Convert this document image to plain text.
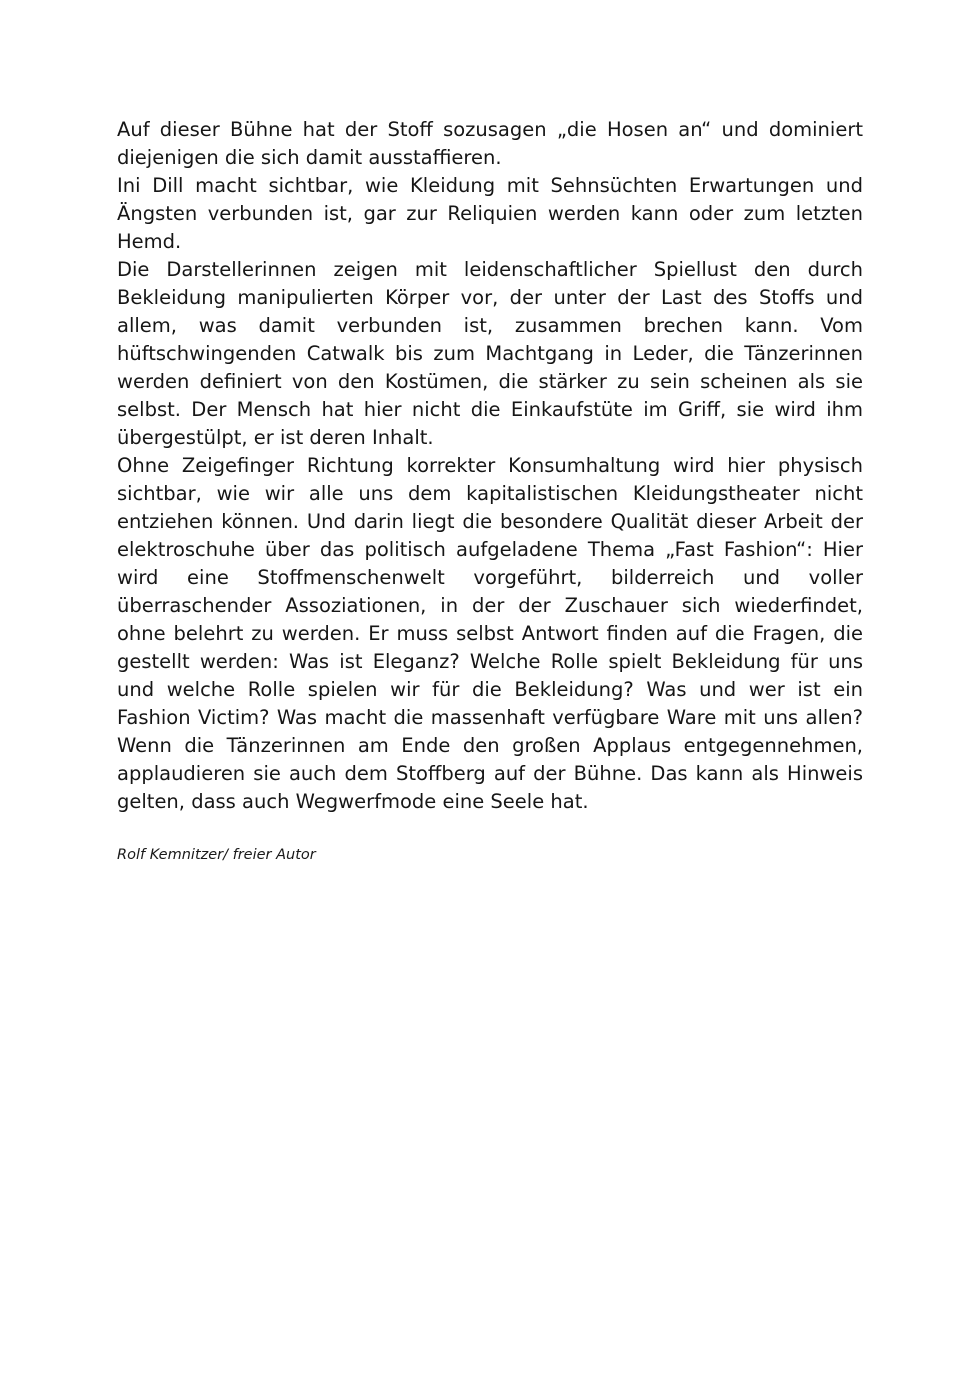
Auf dieser Bühne hat der Stoff sozusagen „die Hosen an“ und dominiert diejenigen die sich damit ausstaffieren.

Ini Dill macht sichtbar, wie Kleidung mit Sehnsüchten Erwartungen und Ängsten verbunden ist, gar zur Reliquien werden kann oder zum letzten Hemd.

Die Darstellerinnen zeigen mit leidenschaftlicher Spiellust den durch Bekleidung manipulierten Körper vor, der unter der Last des Stoffs und allem, was damit verbunden ist, zusammen brechen kann. Vom hüftschwingenden Catwalk bis zum Machtgang in Leder, die Tänzerinnen werden definiert von den Kostümen, die stärker zu sein scheinen als sie selbst. Der Mensch hat hier nicht die Einkaufstüte im Griff, sie wird ihm übergestülpt, er ist deren Inhalt.

Ohne Zeigefinger Richtung korrekter Konsumhaltung wird hier physisch sichtbar, wie wir alle uns dem kapitalistischen Kleidungstheater nicht entziehen können. Und darin liegt die besondere Qualität dieser Arbeit der elektroschuhe über das politisch aufgeladene Thema „Fast Fashion“: Hier wird eine Stoffmenschenwelt vorgeführt, bilderreich und voller überraschender Assoziationen, in der der Zuschauer sich wiederfindet, ohne belehrt zu werden. Er muss selbst Antwort finden auf die Fragen, die gestellt werden: Was ist Eleganz? Welche Rolle spielt Bekleidung für uns und welche Rolle spielen wir für die Bekleidung? Was und wer ist ein Fashion Victim? Was macht die massenhaft verfügbare Ware mit uns allen? Wenn die Tänzerinnen am Ende den großen Applaus entgegennehmen, applaudieren sie auch dem Stoffberg auf der Bühne. Das kann als Hinweis gelten, dass auch Wegwerfmode eine Seele hat.

Rolf Kemnitzer/ freier Autor
